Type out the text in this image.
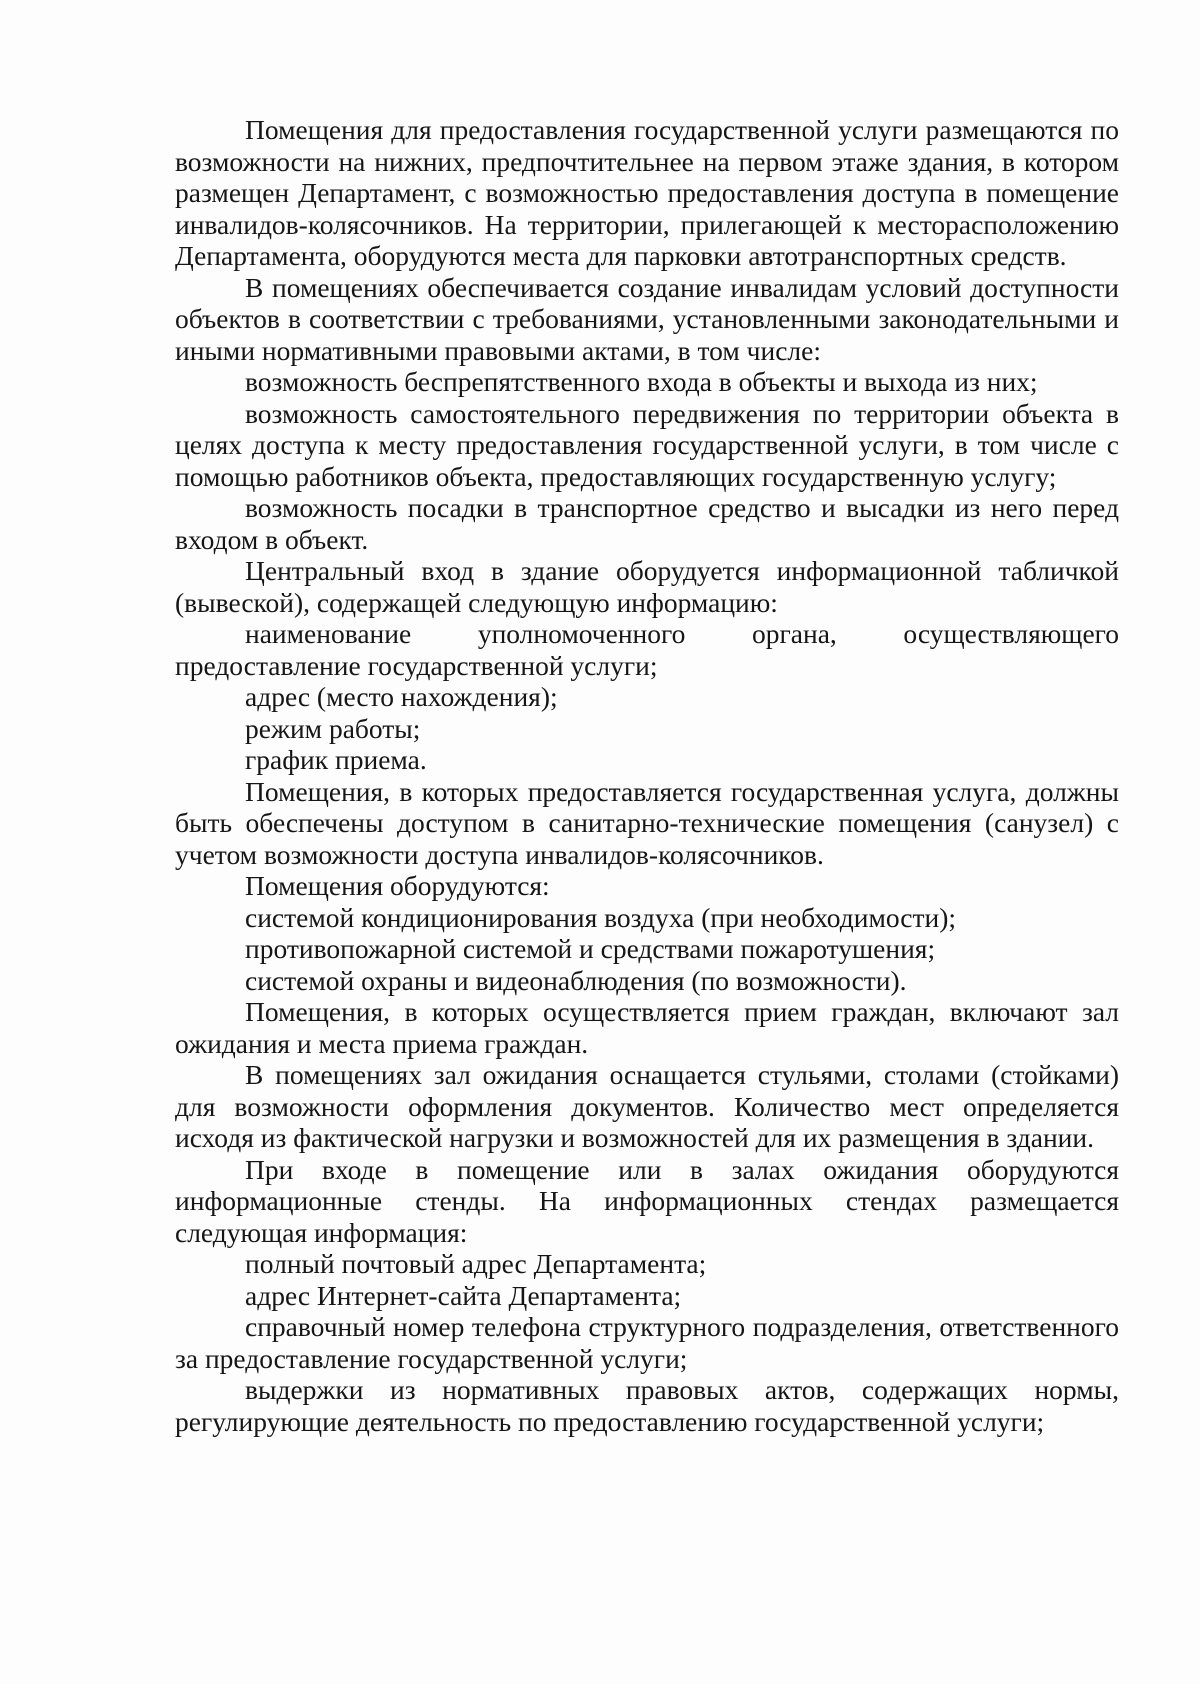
Помещения для предоставления государственной услуги размещаются по возможности на нижних, предпочтительнее на первом этаже здания, в котором размещен Департамент, с возможностью предоставления доступа в помещение инвалидов-колясочников. На территории, прилегающей к месторасположению Департамента, оборудуются места для парковки автотранспортных средств.

В помещениях обеспечивается создание инвалидам условий доступности объектов в соответствии с требованиями, установленными законодательными и иными нормативными правовыми актами, в том числе:

возможность беспрепятственного входа в объекты и выхода из них;

возможность самостоятельного передвижения по территории объекта в целях доступа к месту предоставления государственной услуги, в том числе с помощью работников объекта, предоставляющих государственную услугу;

возможность посадки в транспортное средство и высадки из него перед входом в объект.

Центральный вход в здание оборудуется информационной табличкой (вывеской), содержащей следующую информацию:

наименование уполномоченного органа, осуществляющего предоставление государственной услуги;

адрес (место нахождения);

режим работы;

график приема.

Помещения, в которых предоставляется государственная услуга, должны быть обеспечены доступом в санитарно-технические помещения (санузел) с учетом возможности доступа инвалидов-колясочников.

Помещения оборудуются:

системой кондиционирования воздуха (при необходимости);

противопожарной системой и средствами пожаротушения;

системой охраны и видеонаблюдения (по возможности).

Помещения, в которых осуществляется прием граждан, включают зал ожидания и места приема граждан.

В помещениях зал ожидания оснащается стульями, столами (стойками) для возможности оформления документов. Количество мест определяется исходя из фактической нагрузки и возможностей для их размещения в здании.

При входе в помещение или в залах ожидания оборудуются информационные стенды. На информационных стендах размещается следующая информация:

полный почтовый адрес Департамента;

адрес Интернет-сайта Департамента;

справочный номер телефона структурного подразделения, ответственного за предоставление государственной услуги;

выдержки из нормативных правовых актов, содержащих нормы, регулирующие деятельность по предоставлению государственной услуги;
